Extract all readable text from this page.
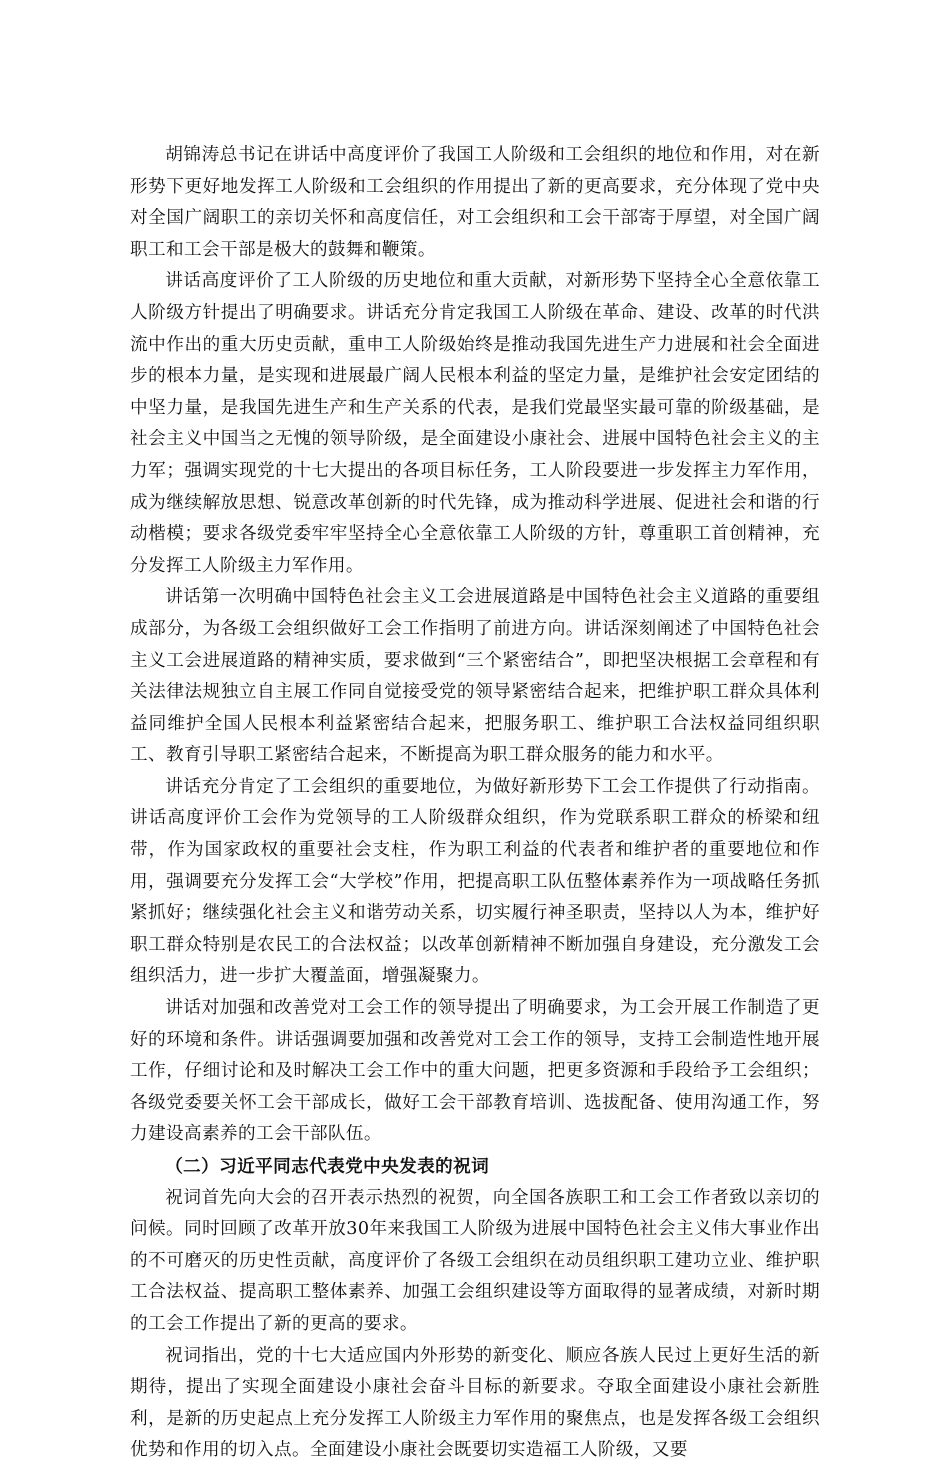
胡锦涛总书记在讲话中高度评价了我国工人阶级和工会组织的地位和作用，对在新形势下更好地发挥工人阶级和工会组织的作用提出了新的更高要求，充分体现了党中央对全国广阔职工的亲切关怀和高度信任，对工会组织和工会干部寄于厚望，对全国广阔职工和工会干部是极大的鼓舞和鞭策。

讲话高度评价了工人阶级的历史地位和重大贡献，对新形势下坚持全心全意依靠工人阶级方针提出了明确要求。讲话充分肯定我国工人阶级在革命、建设、改革的时代洪流中作出的重大历史贡献，重申工人阶级始终是推动我国先进生产力进展和社会全面进步的根本力量，是实现和进展最广阔人民根本利益的坚定力量，是维护社会安定团结的中坚力量，是我国先进生产和生产关系的代表，是我们党最坚实最可靠的阶级基础，是社会主义中国当之无愧的领导阶级，是全面建设小康社会、进展中国特色社会主义的主力军；强调实现党的十七大提出的各项目标任务，工人阶段要进一步发挥主力军作用，成为继续解放思想、锐意改革创新的时代先锋，成为推动科学进展、促进社会和谐的行动楷模；要求各级党委牢牢坚持全心全意依靠工人阶级的方针，尊重职工首创精神，充分发挥工人阶级主力军作用。

讲话第一次明确中国特色社会主义工会进展道路是中国特色社会主义道路的重要组成部分，为各级工会组织做好工会工作指明了前进方向。讲话深刻阐述了中国特色社会主义工会进展道路的精神实质，要求做到“三个紧密结合”，即把坚决根据工会章程和有关法律法规独立自主展工作同自觉接受党的领导紧密结合起来，把维护职工群众具体利益同维护全国人民根本利益紧密结合起来，把服务职工、维护职工合法权益同组织职工、教育引导职工紧密结合起来，不断提高为职工群众服务的能力和水平。

讲话充分肯定了工会组织的重要地位，为做好新形势下工会工作提供了行动指南。讲话高度评价工会作为党领导的工人阶级群众组织，作为党联系职工群众的桥梁和纽带，作为国家政权的重要社会支柱，作为职工利益的代表者和维护者的重要地位和作用，强调要充分发挥工会“大学校”作用，把提高职工队伍整体素养作为一项战略任务抓紧抓好；继续强化社会主义和谐劳动关系，切实履行神圣职责，坚持以人为本，维护好职工群众特别是农民工的合法权益；以改革创新精神不断加强自身建设，充分激发工会组织活力，进一步扩大覆盖面，增强凝聚力。

讲话对加强和改善党对工会工作的领导提出了明确要求，为工会开展工作制造了更好的环境和条件。讲话强调要加强和改善党对工会工作的领导，支持工会制造性地开展工作，仔细讨论和及时解决工会工作中的重大问题，把更多资源和手段给予工会组织；各级党委要关怀工会干部成长，做好工会干部教育培训、选拔配备、使用沟通工作，努力建设高素养的工会干部队伍。

（二）习近平同志代表党中央发表的祝词

祝词首先向大会的召开表示热烈的祝贺，向全国各族职工和工会工作者致以亲切的问候。同时回顾了改革开放30年来我国工人阶级为进展中国特色社会主义伟大事业作出的不可磨灭的历史性贡献，高度评价了各级工会组织在动员组织职工建功立业、维护职工合法权益、提高职工整体素养、加强工会组织建设等方面取得的显著成绩，对新时期的工会工作提出了新的更高的要求。

祝词指出，党的十七大适应国内外形势的新变化、顺应各族人民过上更好生活的新期待，提出了实现全面建设小康社会奋斗目标的新要求。夺取全面建设小康社会新胜利，是新的历史起点上充分发挥工人阶级主力军作用的聚焦点，也是发挥各级工会组织优势和作用的切入点。全面建设小康社会既要切实造福工人阶级，又要
